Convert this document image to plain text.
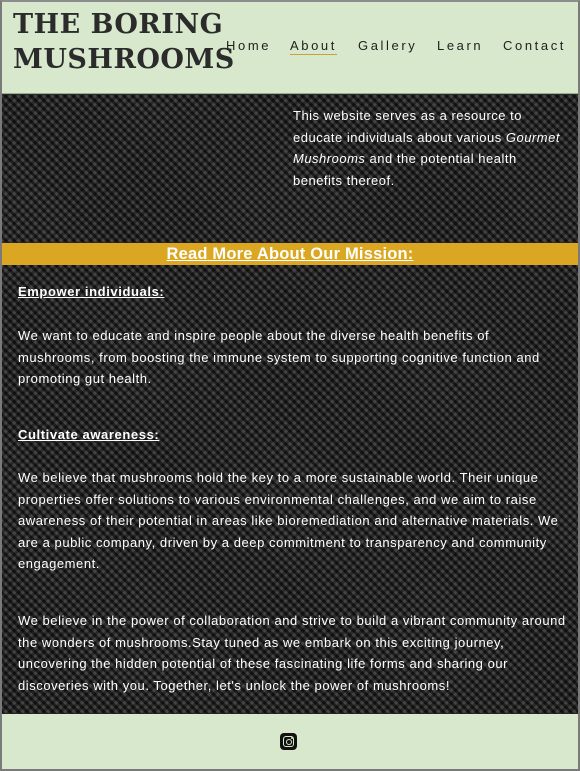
THE BORING
MUSHROOMS
Home About Gallery Learn Contact

This website serves as a resource to educate individuals about various Gourmet Mushrooms and the potential health benefits thereof.

Read More About Our Mission:
Empower individuals:

We want to educate and inspire people about the diverse health benefits of mushrooms, from boosting the immune system to supporting cognitive function and promoting gut health.

Cultivate awareness:

We believe that mushrooms hold the key to a more sustainable world. Their unique properties offer solutions to various environmental challenges, and we aim to raise awareness of their potential in areas like bioremediation and alternative materials. We are a public company, driven by a deep commitment to transparency and community engagement.

We believe in the power of collaboration and strive to build a vibrant community around the wonders of mushrooms.Stay tuned as we embark on this exciting journey, uncovering the hidden potential of these fascinating life forms and sharing our discoveries with you. Together, let's unlock the power of mushrooms!
